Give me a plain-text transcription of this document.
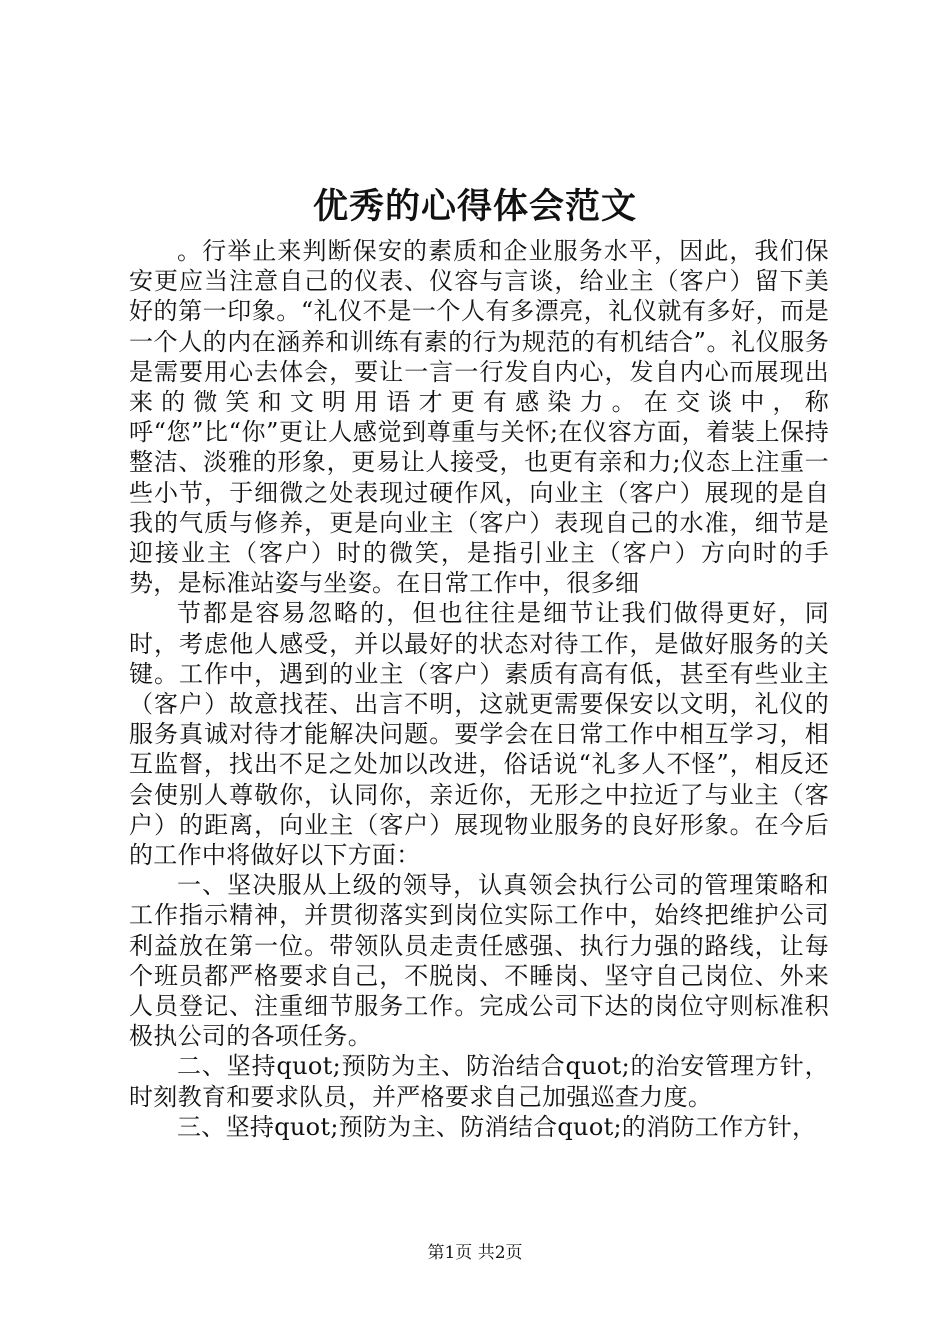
优秀的心得体会范文

。行举止来判断保安的素质和企业服务水平，因此，我们保安更应当注意自己的仪表、仪容与言谈，给业主（客户）留下美好的第一印象。“礼仪不是一个人有多漂亮，礼仪就有多好，而是一个人的内在涵养和训练有素的行为规范的有机结合”。礼仪服务是需要用心去体会，要让一言一行发自内心，发自内心而展现出来的微笑和文明用语才更有感染力。在交谈中，称呼“您”比“你”更让人感觉到尊重与关怀;在仪容方面，着装上保持整洁、淡雅的形象，更易让人接受，也更有亲和力;仪态上注重一些小节，于细微之处表现过硬作风，向业主（客户）展现的是自我的气质与修养，更是向业主（客户）表现自己的水准，细节是迎接业主（客户）时的微笑，是指引业主（客户）方向时的手势，是标准站姿与坐姿。在日常工作中，很多细

节都是容易忽略的，但也往往是细节让我们做得更好，同时，考虑他人感受，并以最好的状态对待工作，是做好服务的关键。工作中，遇到的业主（客户）素质有高有低，甚至有些业主（客户）故意找茬、出言不明，这就更需要保安以文明，礼仪的服务真诚对待才能解决问题。要学会在日常工作中相互学习，相互监督，找出不足之处加以改进，俗话说“礼多人不怪”，相反还会使别人尊敬你，认同你，亲近你，无形之中拉近了与业主（客户）的距离，向业主（客户）展现物业服务的良好形象。在今后的工作中将做好以下方面：

一、坚决服从上级的领导，认真领会执行公司的管理策略和工作指示精神，并贯彻落实到岗位实际工作中，始终把维护公司利益放在第一位。带领队员走责任感强、执行力强的路线，让每个班员都严格要求自己，不脱岗、不睡岗、坚守自己岗位、外来人员登记、注重细节服务工作。完成公司下达的岗位守则标准积极执公司的各项任务。

二、坚持quot;预防为主、防治结合quot;的治安管理方针，时刻教育和要求队员，并严格要求自己加强巡查力度。

三、坚持quot;预防为主、防消结合quot;的消防工作方针，

第1页 共2页
